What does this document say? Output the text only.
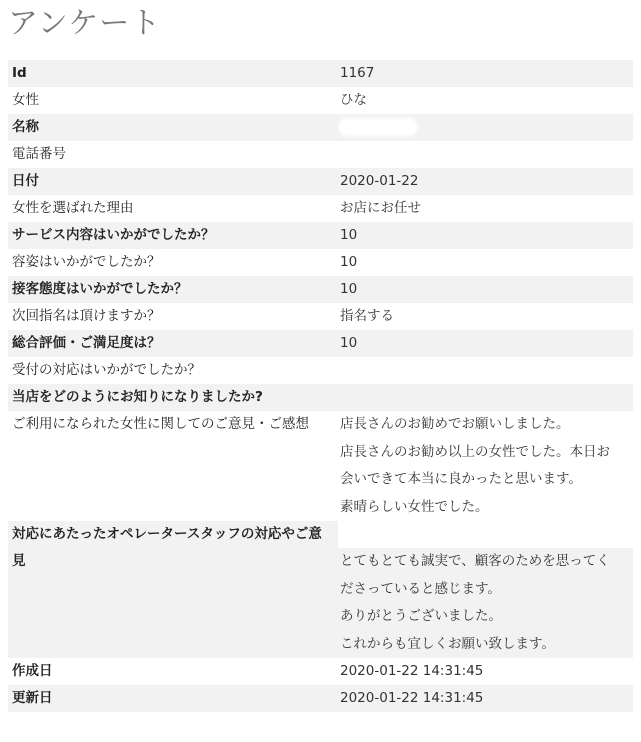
アンケート
Id	1167
女性	ひな
名称	
電話番号	
日付	2020-01-22
女性を選ばれた理由	お店にお任せ
サービス内容はいかがでしたか？	10
容姿はいかがでしたか？	10
接客態度はいかがでしたか？	10
次回指名は頂けますか？	指名する
総合評価・ご満足度は？	10
受付の対応はいかがでしたか？	
当店をどのようにお知りになりましたか?	
ご利用になられた女性に関してのご意見・ご感想	店長さんのお勧めでお願いしました。
店長さんのお勧め以上の女性でした。本日お
会いできて本当に良かったと思います。
素晴らしい女性でした。

対応にあたったオペレータースタッフの対応やご意	

見	とてもとても誠実で、顧客のためを思ってく
ださっていると感じます。
ありがとうございました。
これからも宜しくお願い致します。

作成日	2020-01-22 14:31:45
更新日	2020-01-22 14:31:45
